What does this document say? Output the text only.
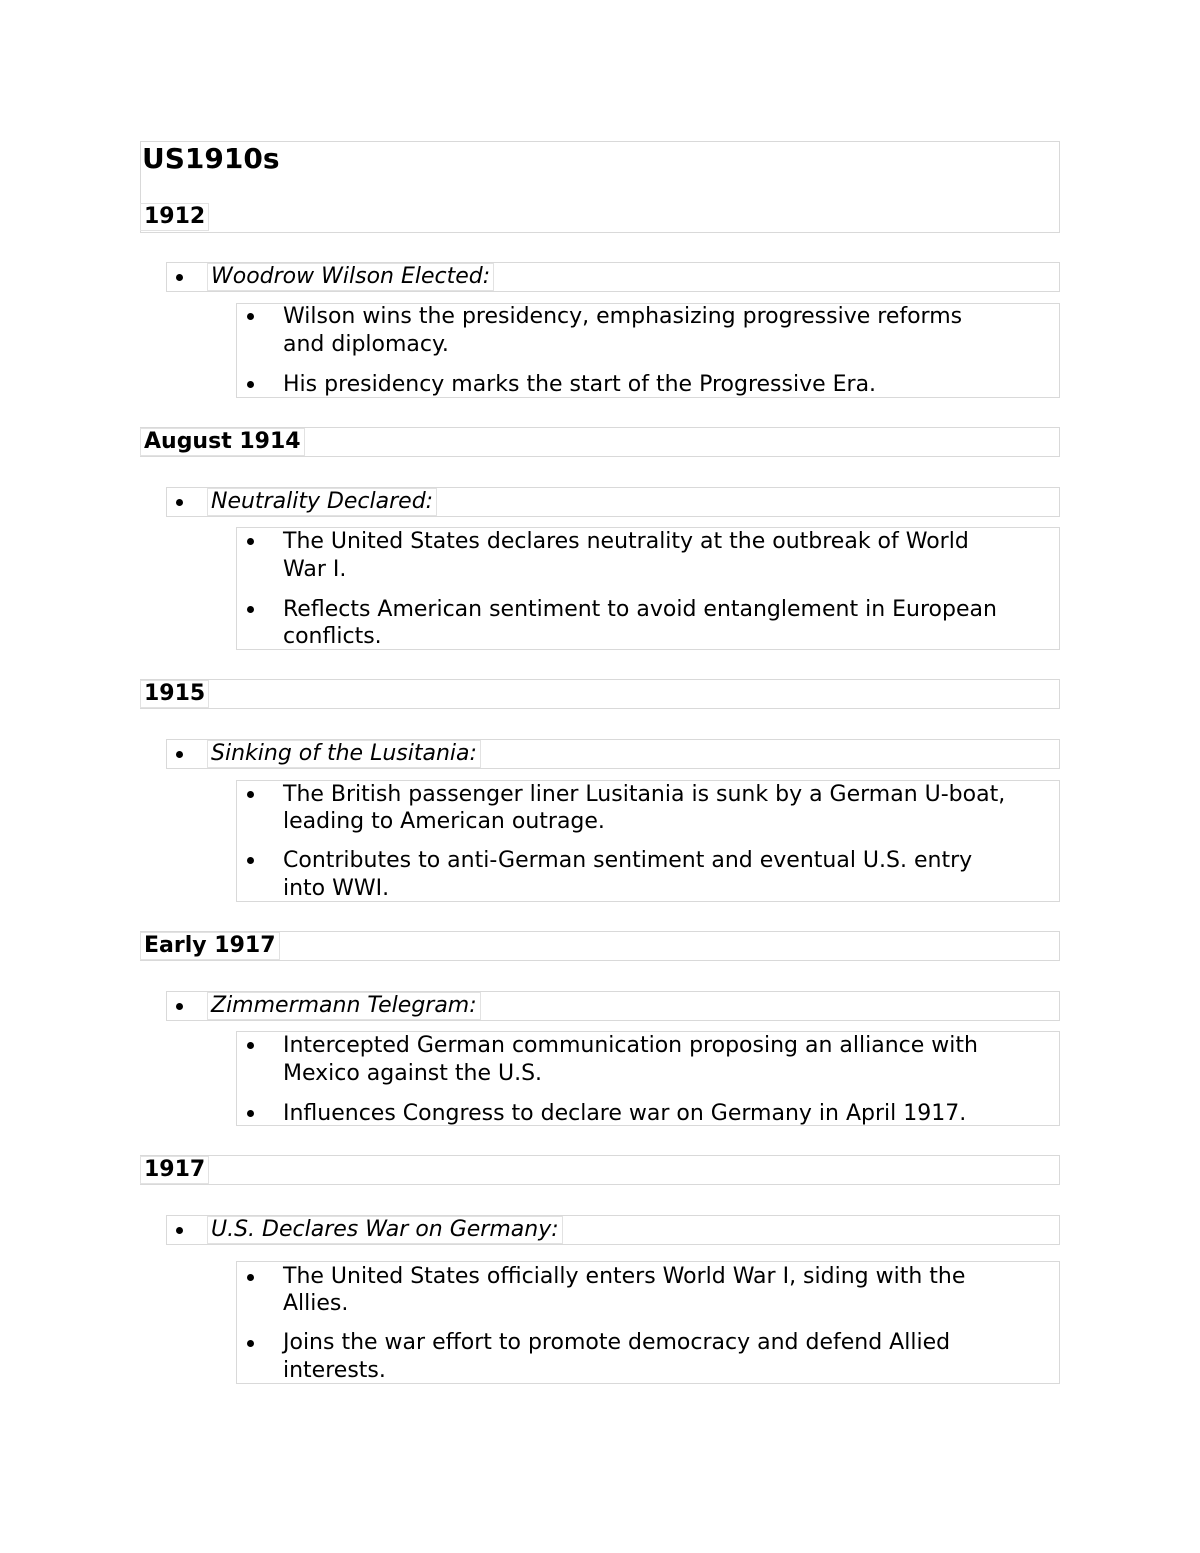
US1910s
1912
Woodrow Wilson Elected:
Wilson wins the presidency, emphasizing progressive reforms
and diplomacy.
His presidency marks the start of the Progressive Era.
August 1914
Neutrality Declared:
The United States declares neutrality at the outbreak of World
War I.
Reflects American sentiment to avoid entanglement in European
conflicts.
1915
Sinking of the Lusitania:
The British passenger liner Lusitania is sunk by a German U-boat,
leading to American outrage.
Contributes to anti-German sentiment and eventual U.S. entry
into WWI.
Early 1917
Zimmermann Telegram:
Intercepted German communication proposing an alliance with
Mexico against the U.S.
Influences Congress to declare war on Germany in April 1917.
1917
U.S. Declares War on Germany:
The United States officially enters World War I, siding with the
Allies.
Joins the war effort to promote democracy and defend Allied
interests.
